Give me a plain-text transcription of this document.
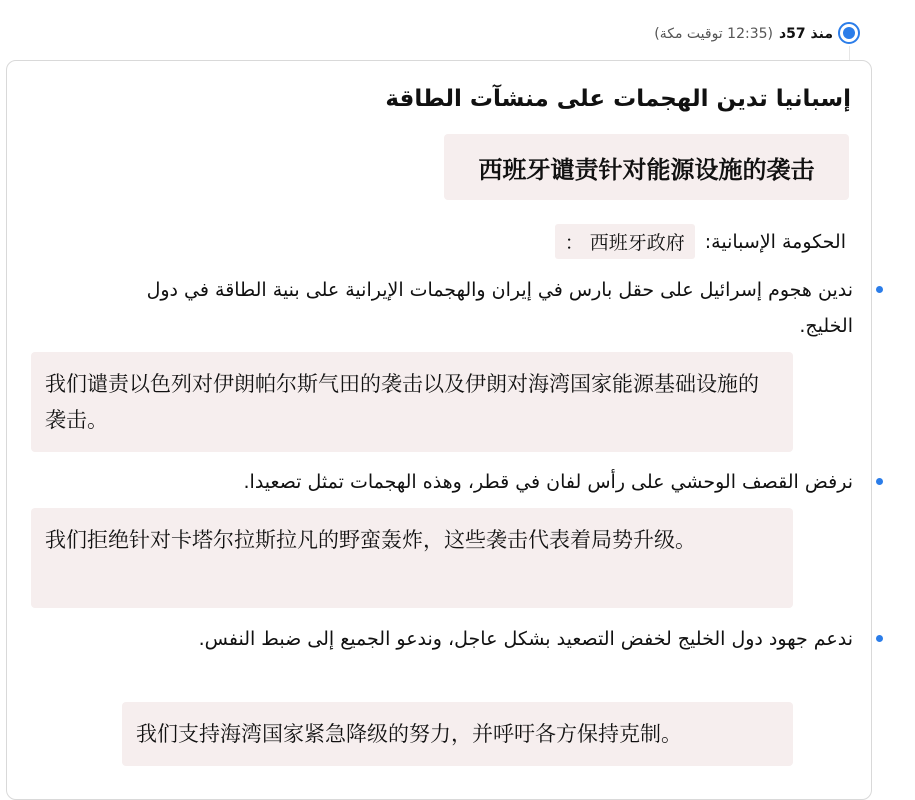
منذ 57د
(12:35 توقيت مكة)
إسبانيا تدين الهجمات على منشآت الطاقة
西班牙谴责针对能源设施的袭击
الحكومة الإسبانية:
西班牙政府 ：
ندين هجوم إسرائيل على حقل بارس في إيران والهجمات الإيرانية على بنية الطاقة في دول الخليج.
我们谴责以色列对伊朗帕尔斯气田的袭击以及伊朗对海湾国家能源基础设施的袭击。
نرفض القصف الوحشي على رأس لفان في قطر، وهذه الهجمات تمثل تصعيدا.
我们拒绝针对卡塔尔拉斯拉凡的野蛮轰炸，这些袭击代表着局势升级。
ندعم جهود دول الخليج لخفض التصعيد بشكل عاجل، وندعو الجميع إلى ضبط النفس.
我们支持海湾国家紧急降级的努力，并呼吁各方保持克制。
